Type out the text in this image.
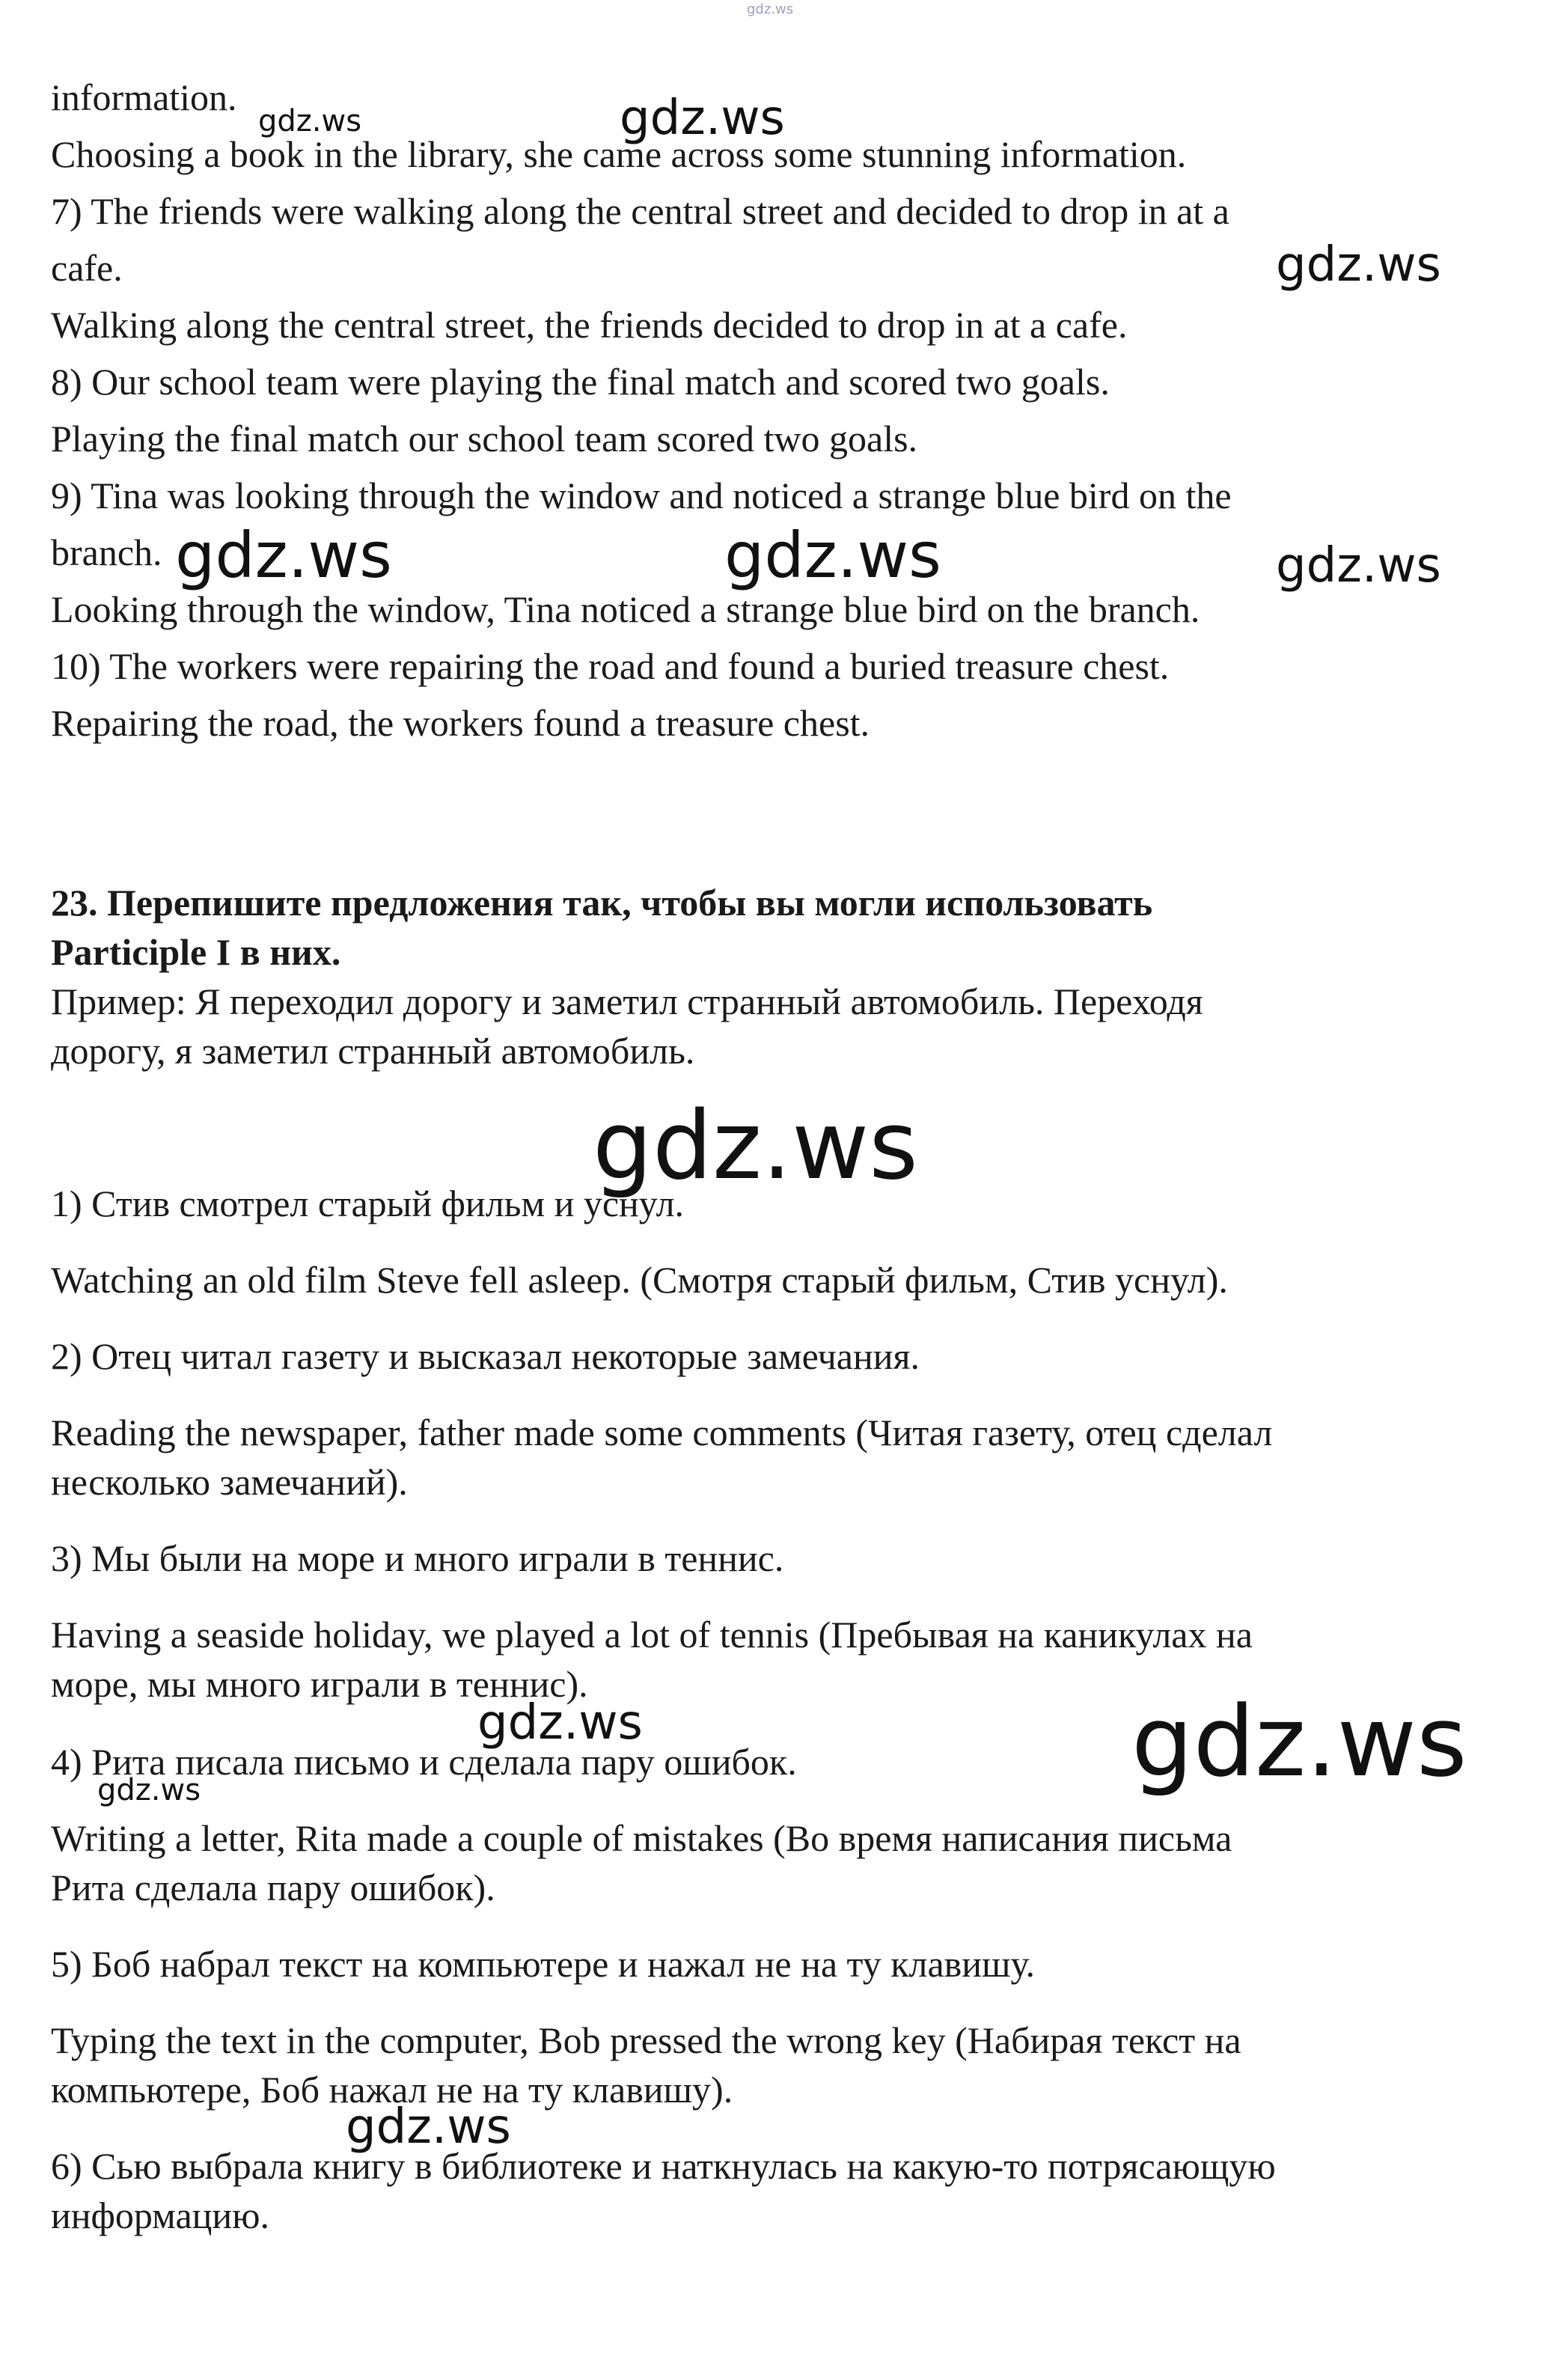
information.
Choosing a book in the library, she came across some stunning information.
7) The friends were walking along the central street and decided to drop in at a
cafe.
Walking along the central street, the friends decided to drop in at a cafe.
8) Our school team were playing the final match and scored two goals.
Playing the final match our school team scored two goals.
9) Tina was looking through the window and noticed a strange blue bird on the
branch.
Looking through the window, Tina noticed a strange blue bird on the branch.
10) The workers were repairing the road and found a buried treasure chest.
Repairing the road, the workers found a treasure chest.
23. Перепишите предложения так, чтобы вы могли использовать
Participle I в них.
Пример: Я переходил дорогу и заметил странный автомобиль. Переходя
дорогу, я заметил странный автомобиль.
1) Стив смотрел старый фильм и уснул.
Watching an old film Steve fell asleep. (Смотря старый фильм, Стив уснул).
2) Отец читал газету и высказал некоторые замечания.
Reading the newspaper, father made some comments (Читая газету, отец сделал
несколько замечаний).
3) Мы были на море и много играли в теннис.
Having a seaside holiday, we played a lot of tennis (Пребывая на каникулах на
море, мы много играли в теннис).
4) Рита писала письмо и сделала пару ошибок.
Writing a letter, Rita made a couple of mistakes (Во время написания письма
Рита сделала пару ошибок).
5) Боб набрал текст на компьютере и нажал не на ту клавишу.
Typing the text in the computer, Bob pressed the wrong key (Набирая текст на
компьютере, Боб нажал не на ту клавишу).
6) Сью выбрала книгу в библиотеке и наткнулась на какую-то потрясающую
информацию.
gdz.ws
gdz.ws	gdz.ws
gdz.ws
gdz.ws	gdz.ws	gdz.ws
gdz.ws
gdz.ws	gdz.ws
gdz.ws
gdz.ws
